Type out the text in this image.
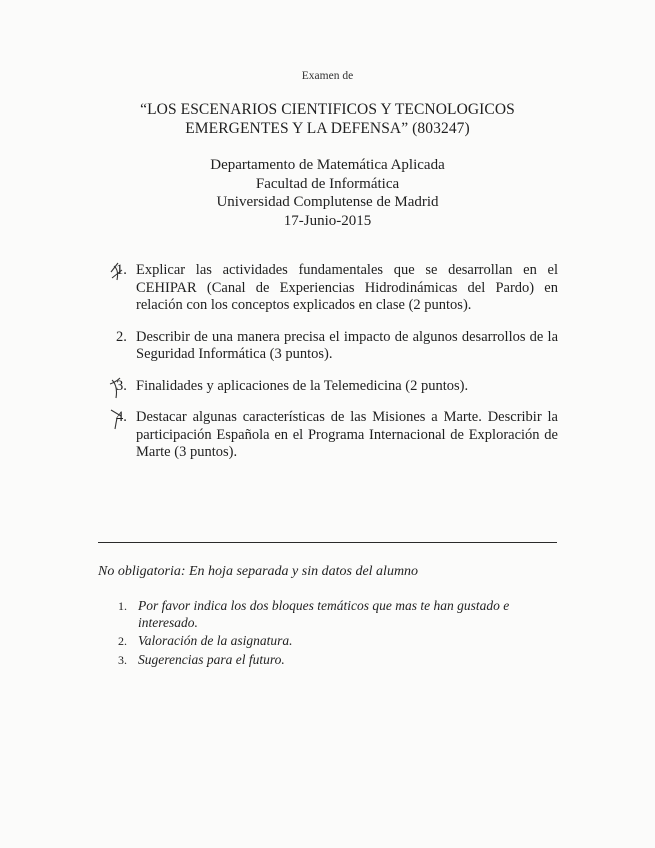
Examen de
“LOS ESCENARIOS CIENTIFICOS Y TECNOLOGICOS
EMERGENTES Y LA DEFENSA” (803247)
Departamento de Matemática Aplicada
Facultad de Informática
Universidad Complutense de Madrid
17-Junio-2015
1. Explicar las actividades fundamentales que se desarrollan en el CEHIPAR (Canal de Experiencias Hidrodinámicas del Pardo) en relación con los conceptos explicados en clase (2 puntos).
2. Describir de una manera precisa el impacto de algunos desarrollos de la Seguridad Informática (3 puntos).
3. Finalidades y aplicaciones de la Telemedicina (2 puntos).
4. Destacar algunas características de las Misiones a Marte. Describir la participación Española en el Programa Internacional de Exploración de Marte (3 puntos).
No obligatoria: En hoja separada y sin datos del alumno
1. Por favor indica los dos bloques temáticos que mas te han gustado e interesado.
2. Valoración de la asignatura.
3. Sugerencias para el futuro.
